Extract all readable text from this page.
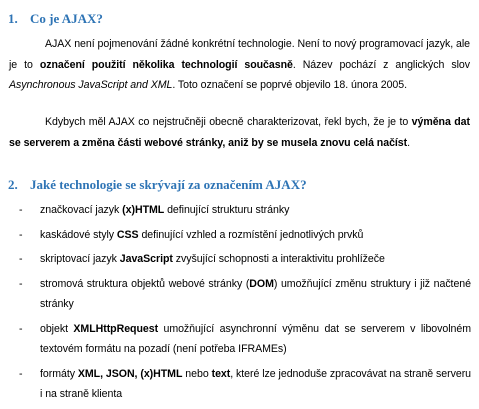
1. Co je AJAX?
AJAX není pojmenování žádné konkrétní technologie. Není to nový programovací jazyk, ale je to označení použití několika technologií současně. Název pochází z anglických slov Asynchronous JavaScript and XML. Toto označení se poprvé objevilo 18. února 2005.
Kdybych měl AJAX co nejstručněji obecně charakterizovat, řekl bych, že je to výměna dat se serverem a změna části webové stránky, aniž by se musela znovu celá načíst.
2. Jaké technologie se skrývají za označením AJAX?
- značkovací jazyk (x)HTML definující strukturu stránky
- kaskádové styly CSS definující vzhled a rozmístění jednotlivých prvků
- skriptovací jazyk JavaScript zvyšující schopnosti a interaktivitu prohlížeče
- stromová struktura objektů webové stránky (DOM) umožňující změnu struktury i již načtené stránky
- objekt XMLHttpRequest umožňující asynchronní výměnu dat se serverem v libovolném textovém formátu na pozadí (není potřeba IFRAMEs)
- formáty XML, JSON, (x)HTML nebo text, které lze jednoduše zpracovávat na straně serveru i na straně klienta
